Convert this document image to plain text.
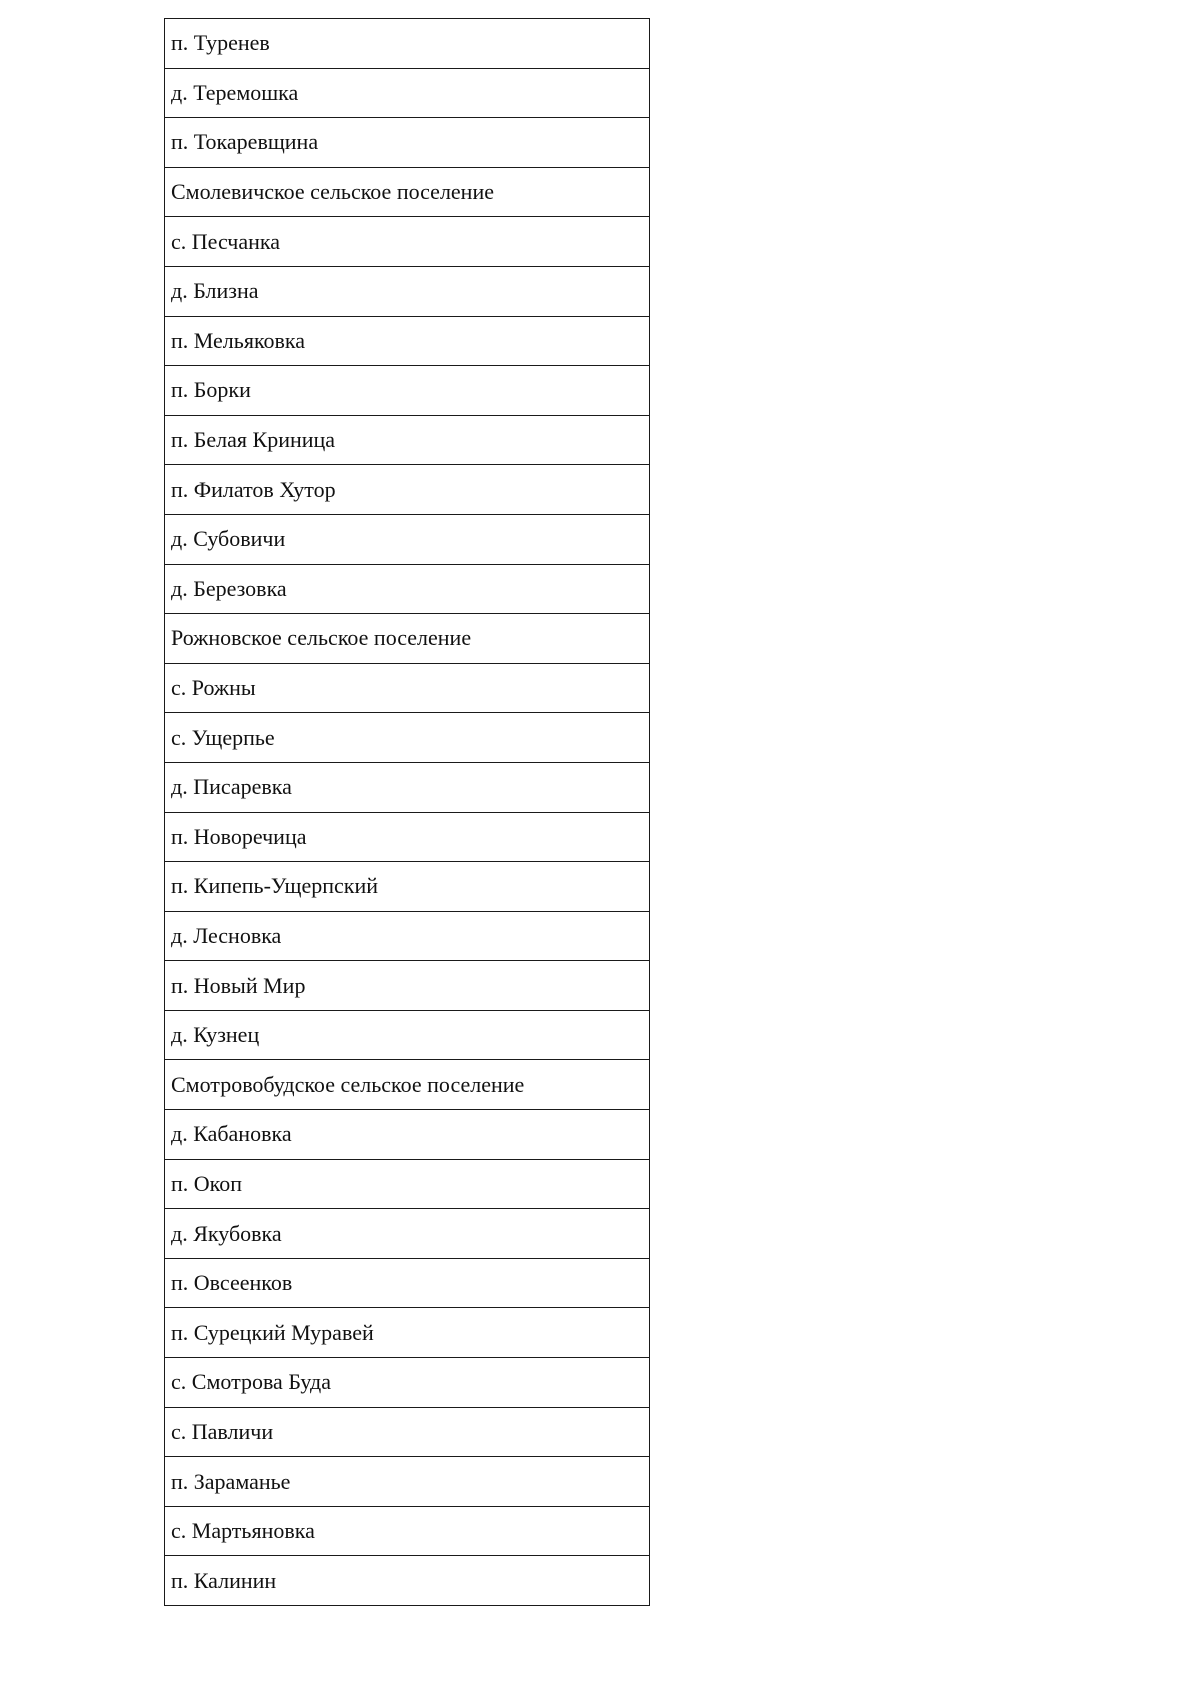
п. Туренев
д. Теремошка
п. Токаревщина
Смолевичское сельское поселение
с. Песчанка
д. Близна
п. Мельяковка
п. Борки
п. Белая Криница
п. Филатов Хутор
д. Субовичи
д. Березовка
Рожновское сельское поселение
с. Рожны
с. Ущерпье
д. Писаревка
п. Новоречица
п. Кипепь-Ущерпский
д. Лесновка
п. Новый Мир
д. Кузнец
Смотровобудское сельское поселение
д. Кабановка
п. Окоп
д. Якубовка
п. Овсеенков
п. Сурецкий Муравей
с. Смотрова Буда
с. Павличи
п. Зараманье
с. Мартьяновка
п. Калинин
